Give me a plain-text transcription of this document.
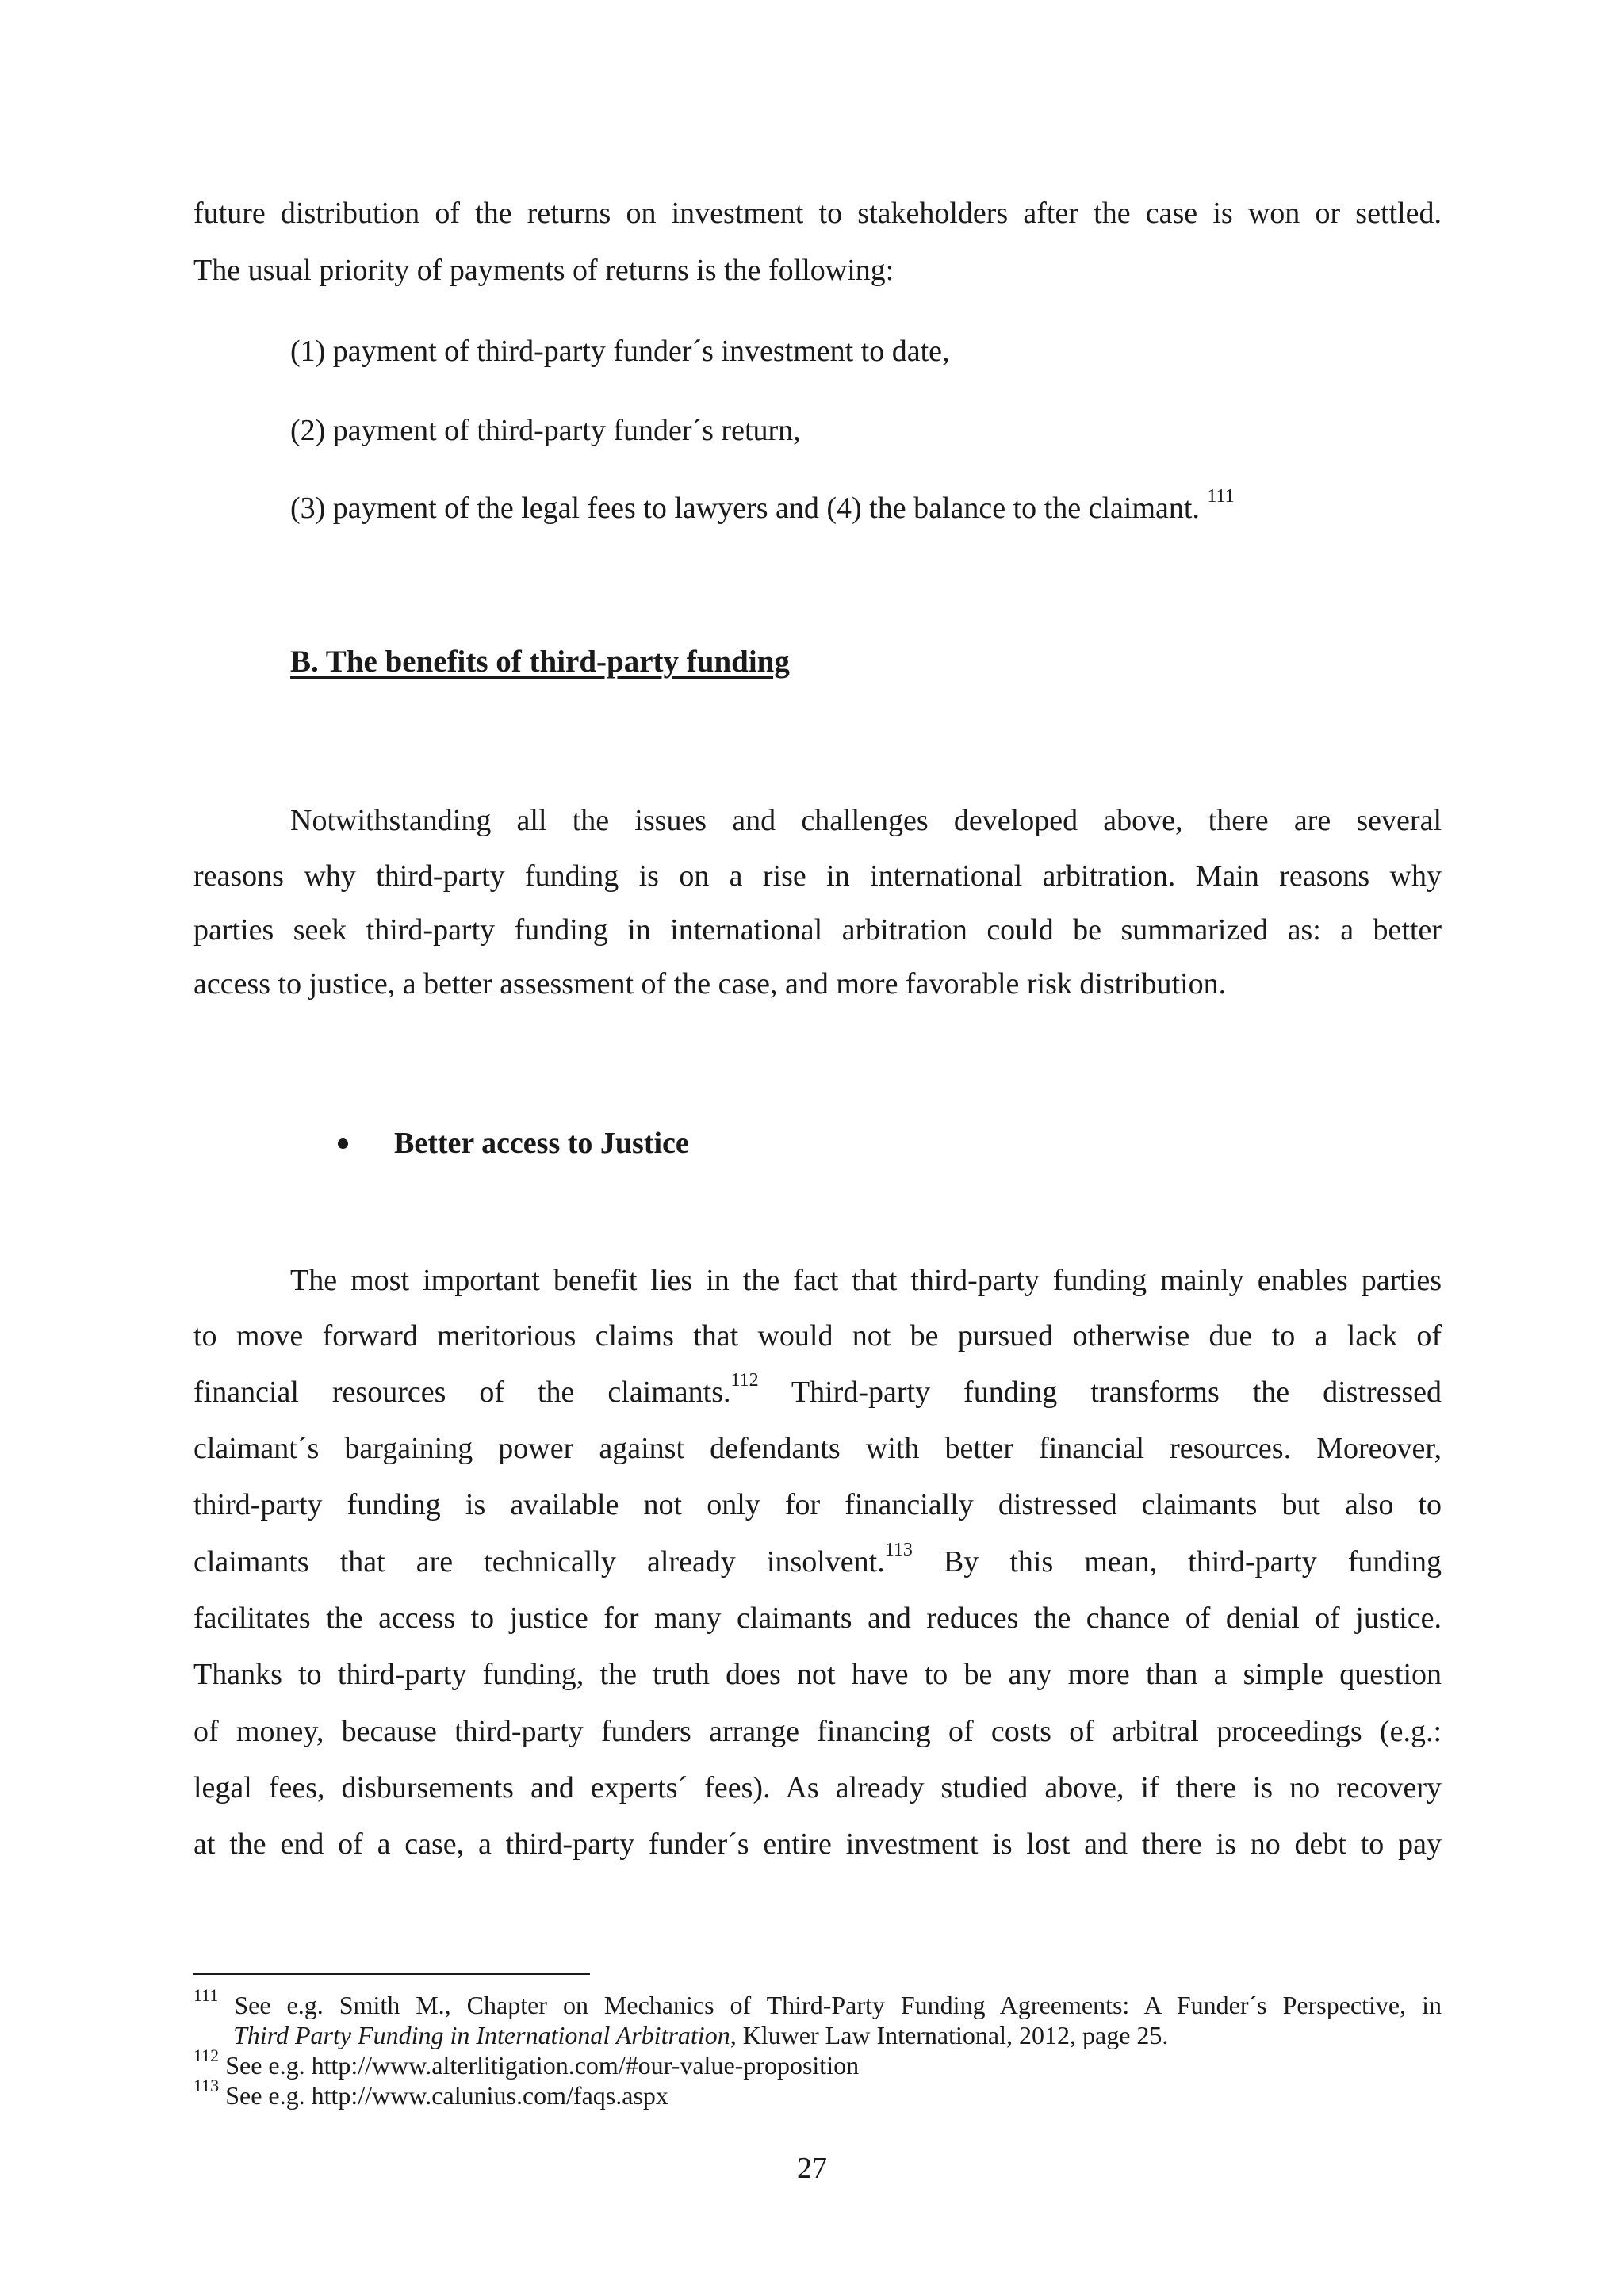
future distribution of the returns on investment to stakeholders after the case is won or settled.
The usual priority of payments of returns is the following:
(1) payment of third-party funder´s investment to date,
(2) payment of third-party funder´s return,
(3) payment of the legal fees to lawyers and (4) the balance to the claimant. $^{111}$
B. The benefits of third-party funding
Notwithstanding all the issues and challenges developed above, there are several
reasons why third-party funding is on a rise in international arbitration. Main reasons why
parties seek third-party funding in international arbitration could be summarized as: a better
access to justice, a better assessment of the case, and more favorable risk distribution.
Better access to Justice
The most important benefit lies in the fact that third-party funding mainly enables parties
to move forward meritorious claims that would not be pursued otherwise due to a lack of
financial resources of the claimants.$^{112}$ Third-party funding transforms the distressed
claimant´s bargaining power against defendants with better financial resources. Moreover,
third-party funding is available not only for financially distressed claimants but also to
claimants that are technically already insolvent.$^{113}$ By this mean, third-party funding
facilitates the access to justice for many claimants and reduces the chance of denial of justice.
Thanks to third-party funding, the truth does not have to be any more than a simple question
of money, because third-party funders arrange financing of costs of arbitral proceedings (e.g.:
legal fees, disbursements and experts´ fees). As already studied above, if there is no recovery
at the end of a case, a third-party funder´s entire investment is lost and there is no debt to pay
$^{111}$ See e.g. Smith M., Chapter on Mechanics of Third-Party Funding Agreements: A Funder´s Perspective, in
Third Party Funding in International Arbitration, Kluwer Law International, 2012, page 25.
$^{112}$ See e.g. http://www.alterlitigation.com/#our-value-proposition
$^{113}$ See e.g. http://www.calunius.com/faqs.aspx
27
